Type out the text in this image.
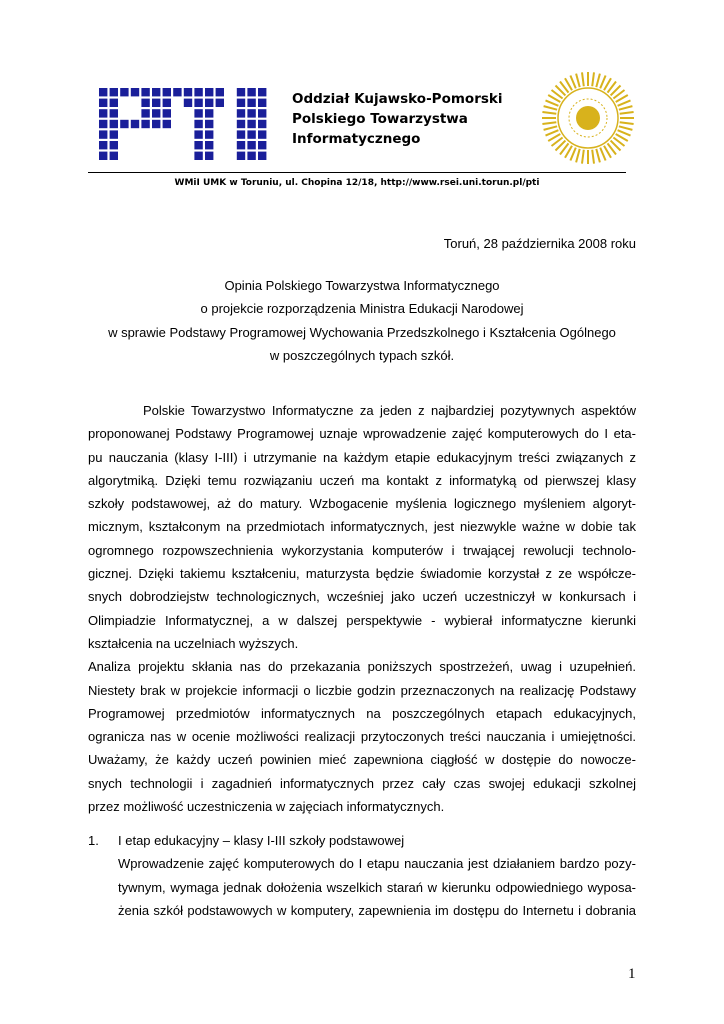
Oddział Kujawsko-Pomorski
Polskiego Towarzystwa
Informatycznego
WMiI UMK w Toruniu, ul. Chopina 12/18, http://www.rsei.uni.torun.pl/pti
Toruń, 28 października 2008 roku
Opinia Polskiego Towarzystwa Informatycznego
o projekcie rozporządzenia Ministra Edukacji Narodowej
w sprawie Podstawy Programowej Wychowania Przedszkolnego i Kształcenia Ogólnego
w poszczególnych typach szkół.
Polskie Towarzystwo Informatyczne za jeden z najbardziej pozytywnych aspektów
proponowanej Podstawy Programowej uznaje wprowadzenie zajęć komputerowych do I eta-
pu nauczania (klasy I-III) i utrzymanie na każdym etapie edukacyjnym treści związanych z
algorytmiką. Dzięki temu rozwiązaniu uczeń ma kontakt z informatyką od pierwszej klasy
szkoły podstawowej, aż do matury. Wzbogacenie myślenia logicznego myśleniem algoryt-
micznym, kształconym na przedmiotach informatycznych, jest niezwykle ważne w dobie tak
ogromnego rozpowszechnienia wykorzystania komputerów i trwającej rewolucji technolo-
gicznej. Dzięki takiemu kształceniu, maturzysta będzie świadomie korzystał z ze współcze-
snych dobrodziejstw technologicznych, wcześniej jako uczeń uczestniczył w konkursach i
Olimpiadzie Informatycznej, a w dalszej perspektywie - wybierał informatyczne kierunki
kształcenia na uczelniach wyższych.
Analiza projektu skłania nas do przekazania poniższych spostrzeżeń, uwag i uzupełnień.
Niestety brak w projekcie informacji o liczbie godzin przeznaczonych na realizację Podstawy
Programowej przedmiotów informatycznych na poszczególnych etapach edukacyjnych,
ogranicza nas w ocenie możliwości realizacji przytoczonych treści nauczania i umiejętności.
Uważamy, że każdy uczeń powinien mieć zapewniona ciągłość w dostępie do nowocze-
snych technologii i zagadnień informatycznych przez cały czas swojej edukacji szkolnej
przez możliwość uczestniczenia w zajęciach informatycznych.
1. I etap edukacyjny – klasy I-III szkoły podstawowej
Wprowadzenie zajęć komputerowych do I etapu nauczania jest działaniem bardzo pozy-
tywnym, wymaga jednak dołożenia wszelkich starań w kierunku odpowiedniego wyposa-
żenia szkół podstawowych w komputery, zapewnienia im dostępu do Internetu i dobrania
1
